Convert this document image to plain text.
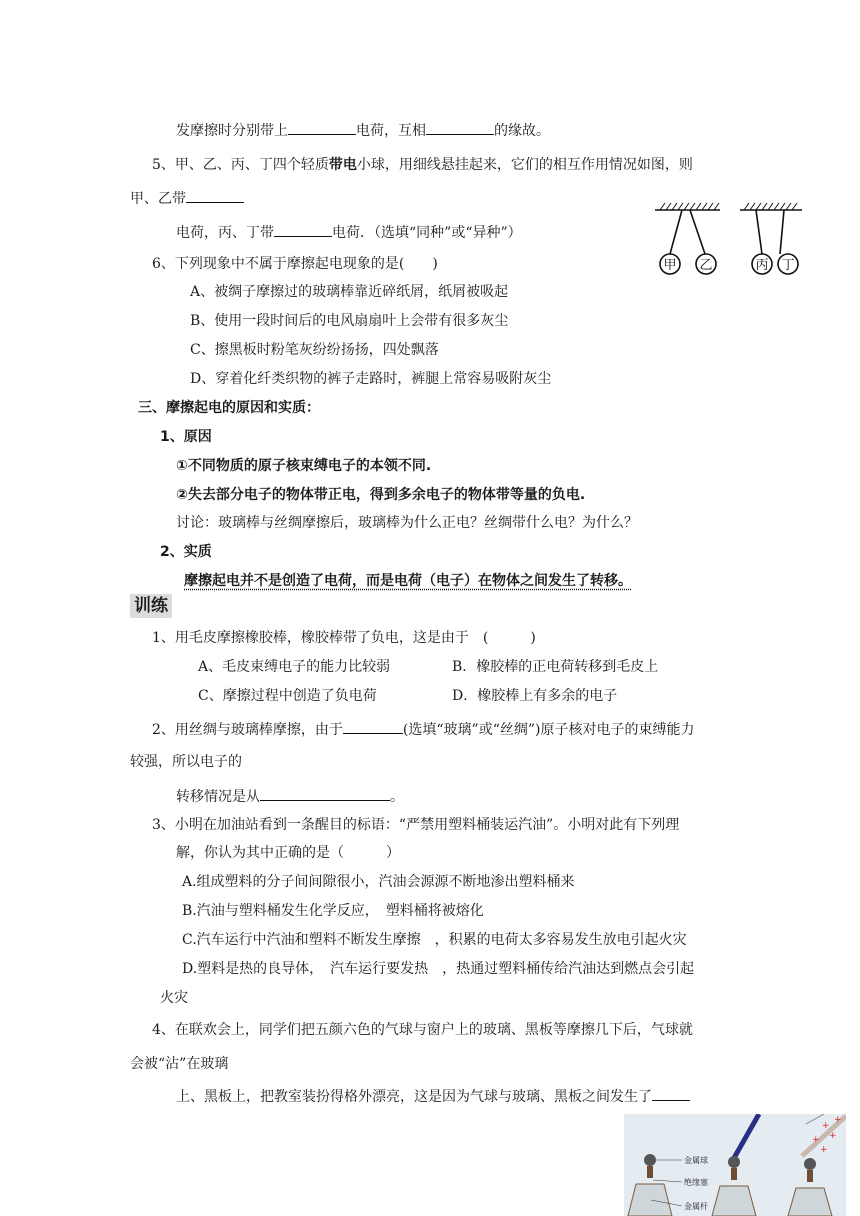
发摩擦时分别带上	电荷，互相	的缘故。
5、甲、乙、丙、丁四个轻质带电小球，用细线悬挂起来，它们的相互作用情况如图，则
甲、乙带
电荷，丙、丁带	电荷．（选填“同种”或“异种”）
甲 乙	丙 丁
6、下列现象中不属于摩擦起电现象的是(　　)
A、被绸子摩擦过的玻璃棒靠近碎纸屑，纸屑被吸起
B、使用一段时间后的电风扇扇叶上会带有很多灰尘
C、擦黑板时粉笔灰纷纷扬扬，四处飘落
D、穿着化纤类织物的裤子走路时，裤腿上常容易吸附灰尘
三、摩擦起电的原因和实质：
1、原因
①不同物质的原子核束缚电子的本领不同.
②失去部分电子的物体带正电，得到多余电子的物体带等量的负电.
讨论：玻璃棒与丝绸摩擦后，玻璃棒为什么正电？丝绸带什么电？为什么？
2、实质
摩擦起电并不是创造了电荷，而是电荷（电子）在物体之间发生了转移。
训练
1、用毛皮摩擦橡胶棒，橡胶棒带了负电，这是由于　(　　　)
A、毛皮束缚电子的能力比较弱	B．橡胶棒的正电荷转移到毛皮上
C、摩擦过程中创造了负电荷	D．橡胶棒上有多余的电子
2、用丝绸与玻璃棒摩擦，由于	(选填“玻璃”或“丝绸”)原子核对电子的束缚能力
较强，所以电子的
转移情况是从	。
3、小明在加油站看到一条醒目的标语：“严禁用塑料桶装运汽油”。小明对此有下列理
解，你认为其中正确的是（　　　）
A.组成塑料的分子间间隙很小，汽油会源源不断地渗出塑料桶来
B.汽油与塑料桶发生化学反应，　塑料桶将被熔化
C.汽车运行中汽油和塑料不断发生摩擦　，积累的电荷太多容易发生放电引起火灾
D.塑料是热的良导体，　汽车运行要发热　，热通过塑料桶传给汽油达到燃点会引起
火灾
4、在联欢会上，同学们把五颜六色的气球与窗户上的玻璃、黑板等摩擦几下后，气球就
会被“沾”在玻璃
上、黑板上，把教室装扮得格外漂亮，这是因为气球与玻璃、黑板之间发生了
+
+
+
+
+
金属球
绝缘塞
金属杆
